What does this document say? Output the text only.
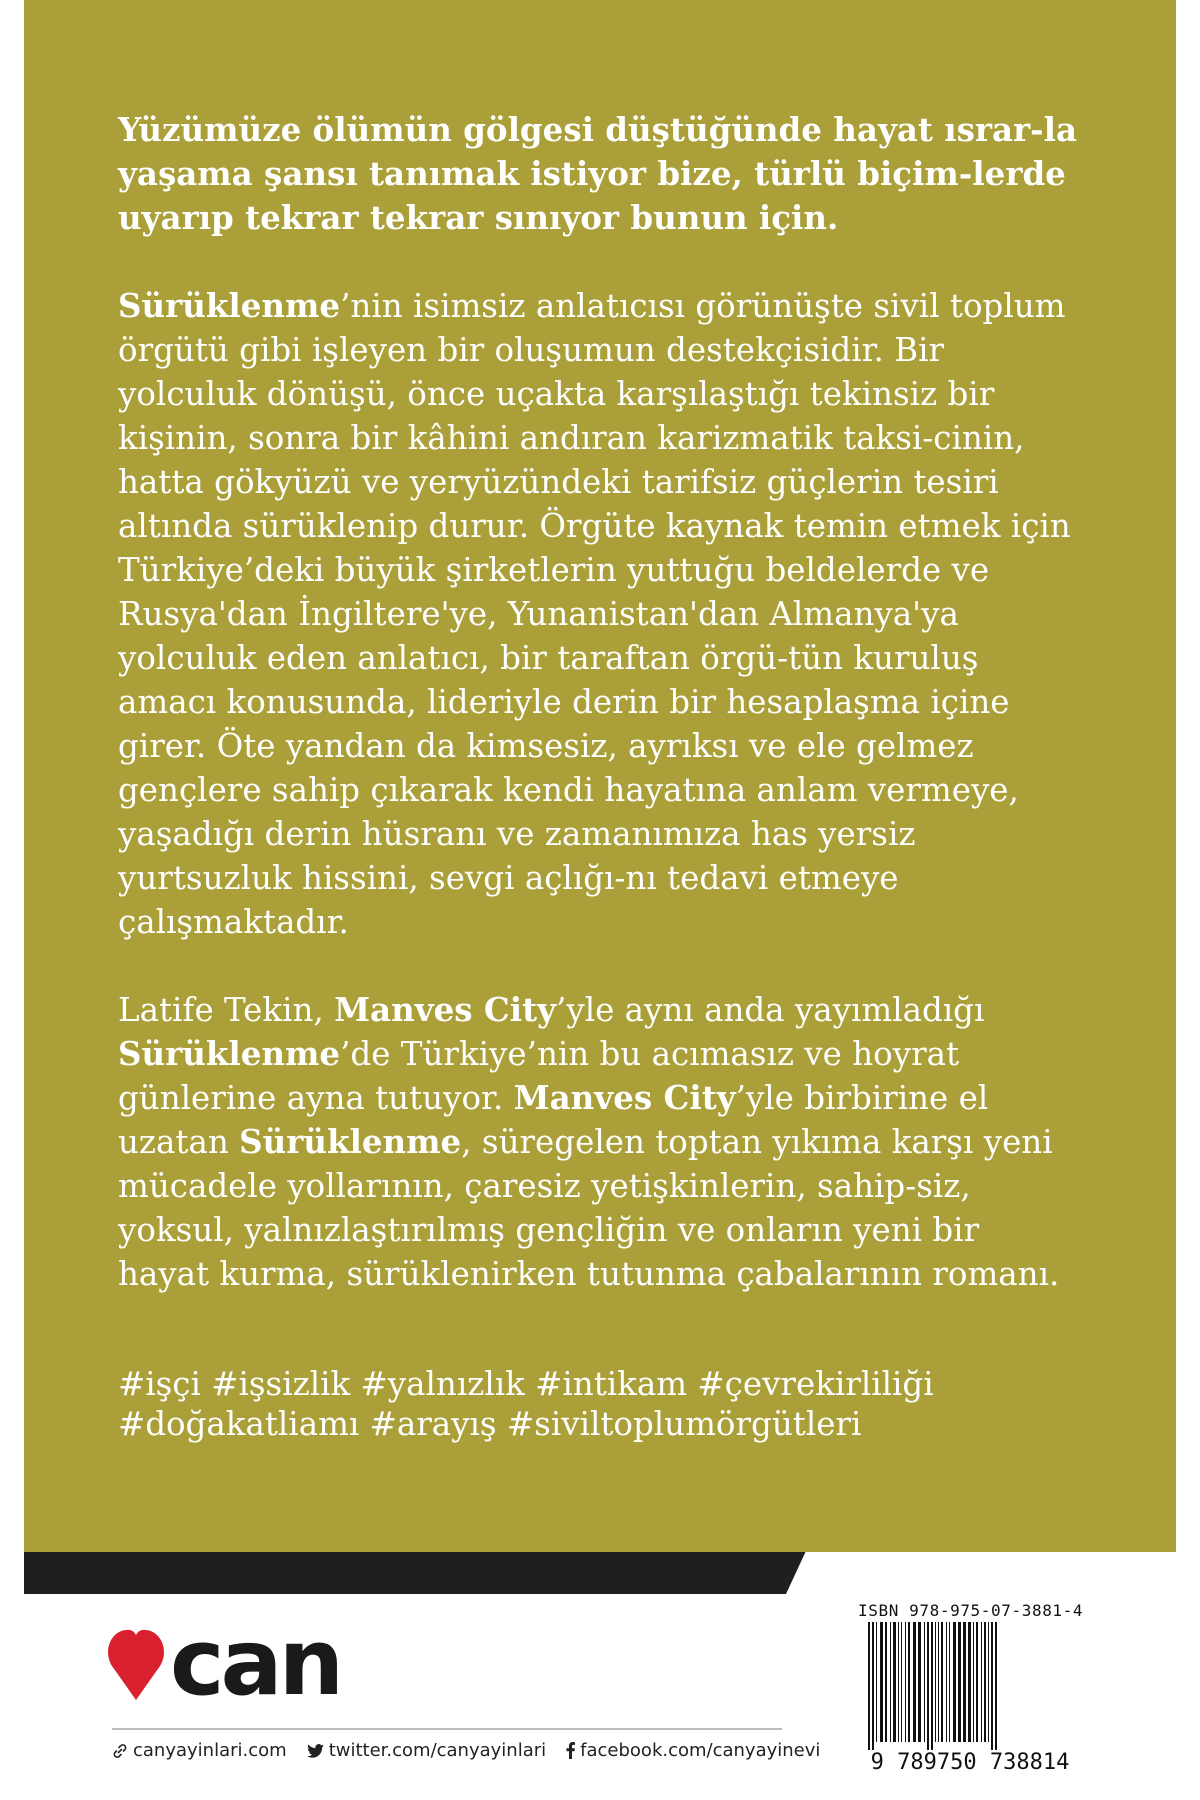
Yüzümüze ölümün gölgesi düştüğünde hayat ısrar-la yaşama şansı tanımak istiyor bize, türlü biçim-lerde uyarıp tekrar tekrar sınıyor bunun için.

Sürüklenme’nin isimsiz anlatıcısı görünüşte sivil toplum örgütü gibi işleyen bir oluşumun destekçisidir. Bir yolculuk dönüşü, önce uçakta karşılaştığı tekinsiz bir kişinin, sonra bir kâhini andıran karizmatik taksi-cinin, hatta gökyüzü ve yeryüzündeki tarifsiz güçlerin tesiri altında sürüklenip durur. Örgüte kaynak temin etmek için Türkiye’deki büyük şirketlerin yuttuğu beldelerde ve Rusya'dan İngiltere'ye, Yunanistan'dan Almanya'ya yolculuk eden anlatıcı, bir taraftan örgü-tün kuruluş amacı konusunda, lideriyle derin bir hesaplaşma içine girer. Öte yandan da kimsesiz, ayrıksı ve ele gelmez gençlere sahip çıkarak kendi hayatına anlam vermeye, yaşadığı derin hüsranı ve zamanımıza has yersiz yurtsuzluk hissini, sevgi açlığı-nı tedavi etmeye çalışmaktadır.

Latife Tekin, Manves City’yle aynı anda yayımladığı Sürüklenme’de Türkiye’nin bu acımasız ve hoyrat günlerine ayna tutuyor. Manves City’yle birbirine el uzatan Sürüklenme, süregelen toptan yıkıma karşı yeni mücadele yollarının, çaresiz yetişkinlerin, sahip-siz, yoksul, yalnızlaştırılmış gençliğin ve onların yeni bir hayat kurma, sürüklenirken tutunma çabalarının romanı.

#işçi #işsizlik #yalnızlık #intikam #çevrekirliliği #doğakatliamı #arayış #siviltoplumörgütleri

can
canyayinlari.com twitter.com/canyayinlari facebook.com/canyayinevi
ISBN 978-975-07-3881-4
9 789750 738814
